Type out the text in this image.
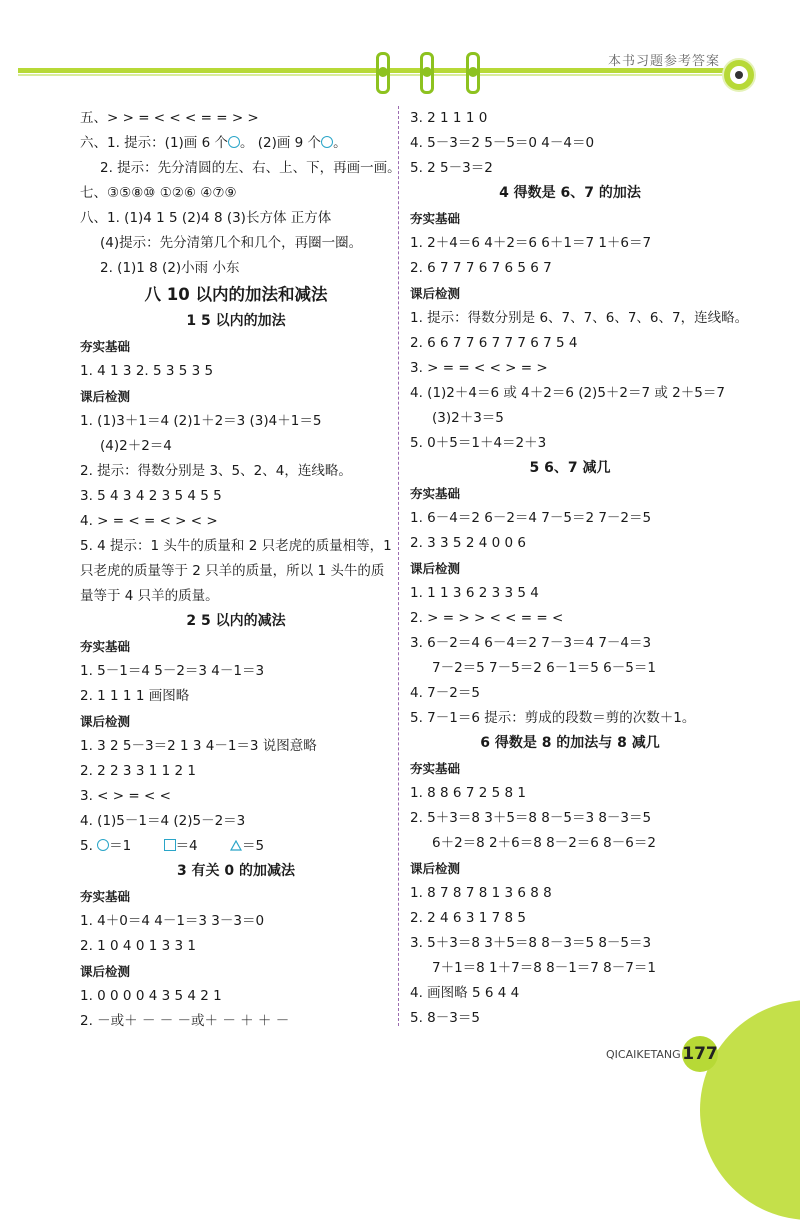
本书习题参考答案
五、> > = < < < = = > >
六、1. 提示：(1)画 6 个 。 (2)画 9 个 。
2. 提示：先分清圆的左、右、上、下，再画一画。
七、③⑤⑧⑩ ①②⑥ ④⑦⑨
八、1. (1)4 1 5 (2)4 8 (3)长方体 正方体
(4)提示：先分清第几个和几个，再圈一圈。
2. (1)1 8 (2)小雨 小东
八 10 以内的加法和减法
1 5 以内的加法
夯实基础
1. 4 1 3 2. 5 3 5 3 5
课后检测
1. (1)3＋1＝4 (2)1＋2＝3 (3)4＋1＝5
(4)2＋2＝4
2. 提示：得数分别是 3、5、2、4，连线略。
3. 5 4 3 4 2 3 5 4 5 5
4. > = < = < > < >
5. 4 提示：1 头牛的质量和 2 只老虎的质量相等，1 只老虎的质量等于 2 只羊的质量，所以 1 头牛的质量等于 4 只羊的质量。
2 5 以内的减法
夯实基础
1. 5－1＝4 5－2＝3 4－1＝3
2. 1 1 1 1 画图略
课后检测
1. 3 2 5－3＝2 1 3 4－1＝3 说图意略
2. 2 2 3 3 1 1 2 1
3. < > = < <
4. (1)5－1＝4 (2)5－2＝3
5. ＝1	＝4	＝5
3 有关 0 的加减法
夯实基础
1. 4＋0＝4 4－1＝3 3－3＝0
2. 1 0 4 0 1 3 3 1
课后检测
1. 0 0 0 0 4 3 5 4 2 1
2. －或＋ － － －或＋ － ＋ ＋ －
3. 2 1 1 1 0
4. 5－3＝2 5－5＝0 4－4＝0
5. 2 5－3＝2
4 得数是 6、7 的加法
夯实基础
1. 2＋4＝6 4＋2＝6 6＋1＝7 1＋6＝7
2. 6 7 7 7 6 7 6 5 6 7
课后检测
1. 提示：得数分别是 6、7、7、6、7、6、7，连线略。
2. 6 6 7 7 6 7 7 7 6 7 5 4
3. > = = < < > = >
4. (1)2＋4＝6 或 4＋2＝6 (2)5＋2＝7 或 2＋5＝7
(3)2＋3＝5
5. 0＋5＝1＋4＝2＋3
5 6、7 减几
夯实基础
1. 6－4＝2 6－2＝4 7－5＝2 7－2＝5
2. 3 3 5 2 4 0 0 6
课后检测
1. 1 1 3 6 2 3 3 5 4
2. > = > > < < = = <
3. 6－2＝4 6－4＝2 7－3＝4 7－4＝3
7－2＝5 7－5＝2 6－1＝5 6－5＝1
4. 7－2＝5
5. 7－1＝6 提示：剪成的段数＝剪的次数＋1。
6 得数是 8 的加法与 8 减几
夯实基础
1. 8 8 6 7 2 5 8 1
2. 5＋3＝8 3＋5＝8 8－5＝3 8－3＝5
6＋2＝8 2＋6＝8 8－2＝6 8－6＝2
课后检测
1. 8 7 8 7 8 1 3 6 8 8
2. 2 4 6 3 1 7 8 5
3. 5＋3＝8 3＋5＝8 8－3＝5 8－5＝3
7＋1＝8 1＋7＝8 8－1＝7 8－7＝1
4. 画图略 5 6 4 4
5. 8－3＝5
QICAIKETANG 177
